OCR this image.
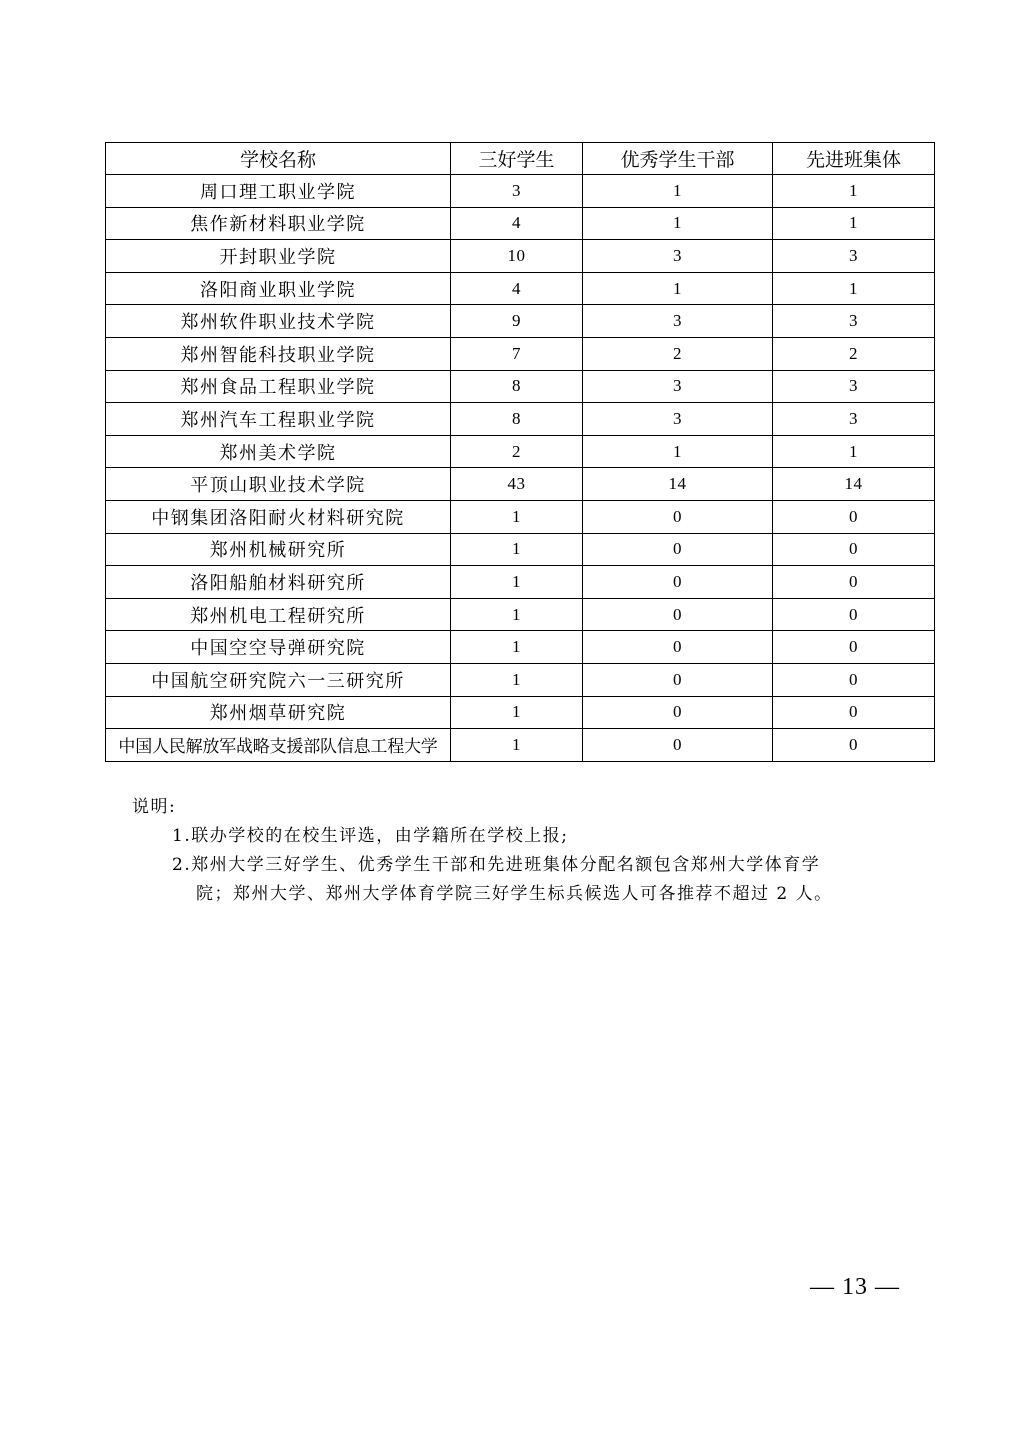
学校名称	三好学生	优秀学生干部	先进班集体
周口理工职业学院	3	1	1
焦作新材料职业学院	4	1	1
开封职业学院	10	3	3
洛阳商业职业学院	4	1	1
郑州软件职业技术学院	9	3	3
郑州智能科技职业学院	7	2	2
郑州食品工程职业学院	8	3	3
郑州汽车工程职业学院	8	3	3
郑州美术学院	2	1	1
平顶山职业技术学院	43	14	14
中钢集团洛阳耐火材料研究院	1	0	0
郑州机械研究所	1	0	0
洛阳船舶材料研究所	1	0	0
郑州机电工程研究所	1	0	0
中国空空导弹研究院	1	0	0
中国航空研究院六一三研究所	1	0	0
郑州烟草研究院	1	0	0
中国人民解放军战略支援部队信息工程大学	1	0	0
说明:
1.联办学校的在校生评选，由学籍所在学校上报;
2.郑州大学三好学生、优秀学生干部和先进班集体分配名额包含郑州大学体育学
院；郑州大学、郑州大学体育学院三好学生标兵候选人可各推荐不超过 2 人。
— 13 —
